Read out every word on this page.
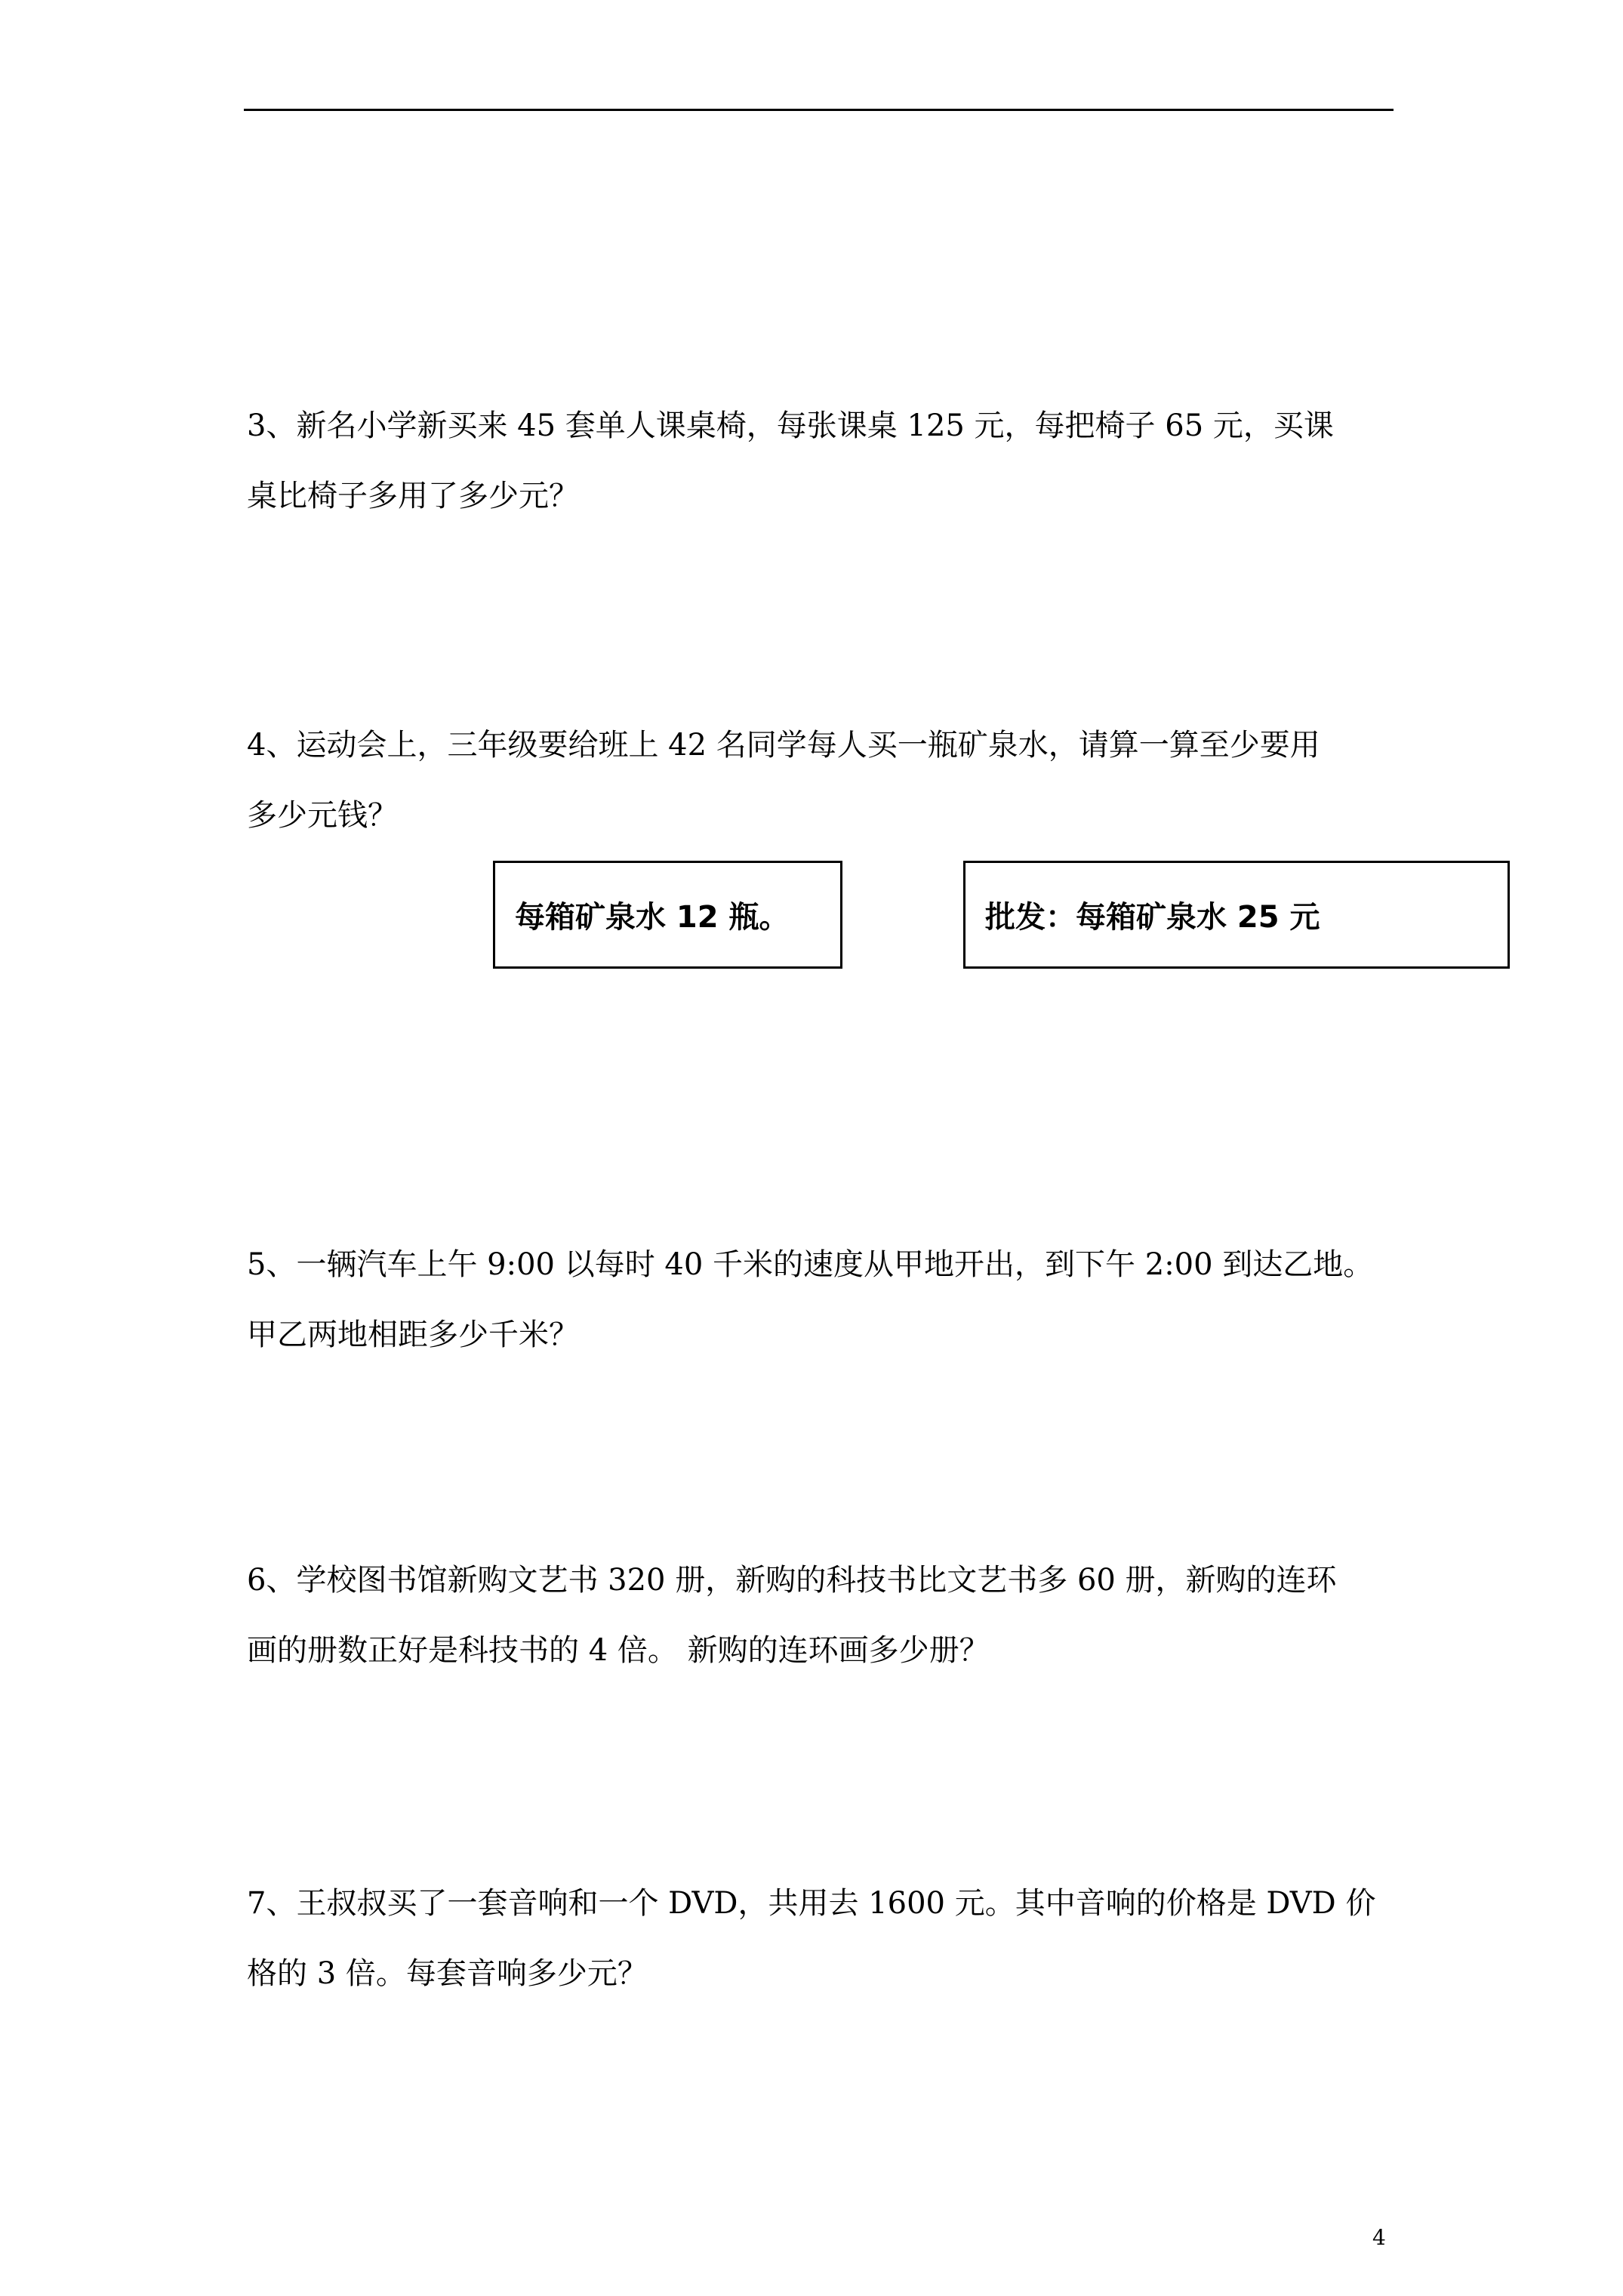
3、新名小学新买来 45 套单人课桌椅，每张课桌 125 元，每把椅子 65 元，买课
桌比椅子多用了多少元？
4、运动会上，三年级要给班上 42 名同学每人买一瓶矿泉水，请算一算至少要用
多少元钱？
每箱矿泉水 12 瓶。	批发：每箱矿泉水 25 元
5、一辆汽车上午 9:00 以每时 40 千米的速度从甲地开出，到下午 2:00 到达乙地。
甲乙两地相距多少千米？
6、学校图书馆新购文艺书 320 册，新购的科技书比文艺书多 60 册，新购的连环
画的册数正好是科技书的 4 倍。 新购的连环画多少册？
7、王叔叔买了一套音响和一个 DVD，共用去 1600 元。其中音响的价格是 DVD 价
格的 3 倍。每套音响多少元？
4
